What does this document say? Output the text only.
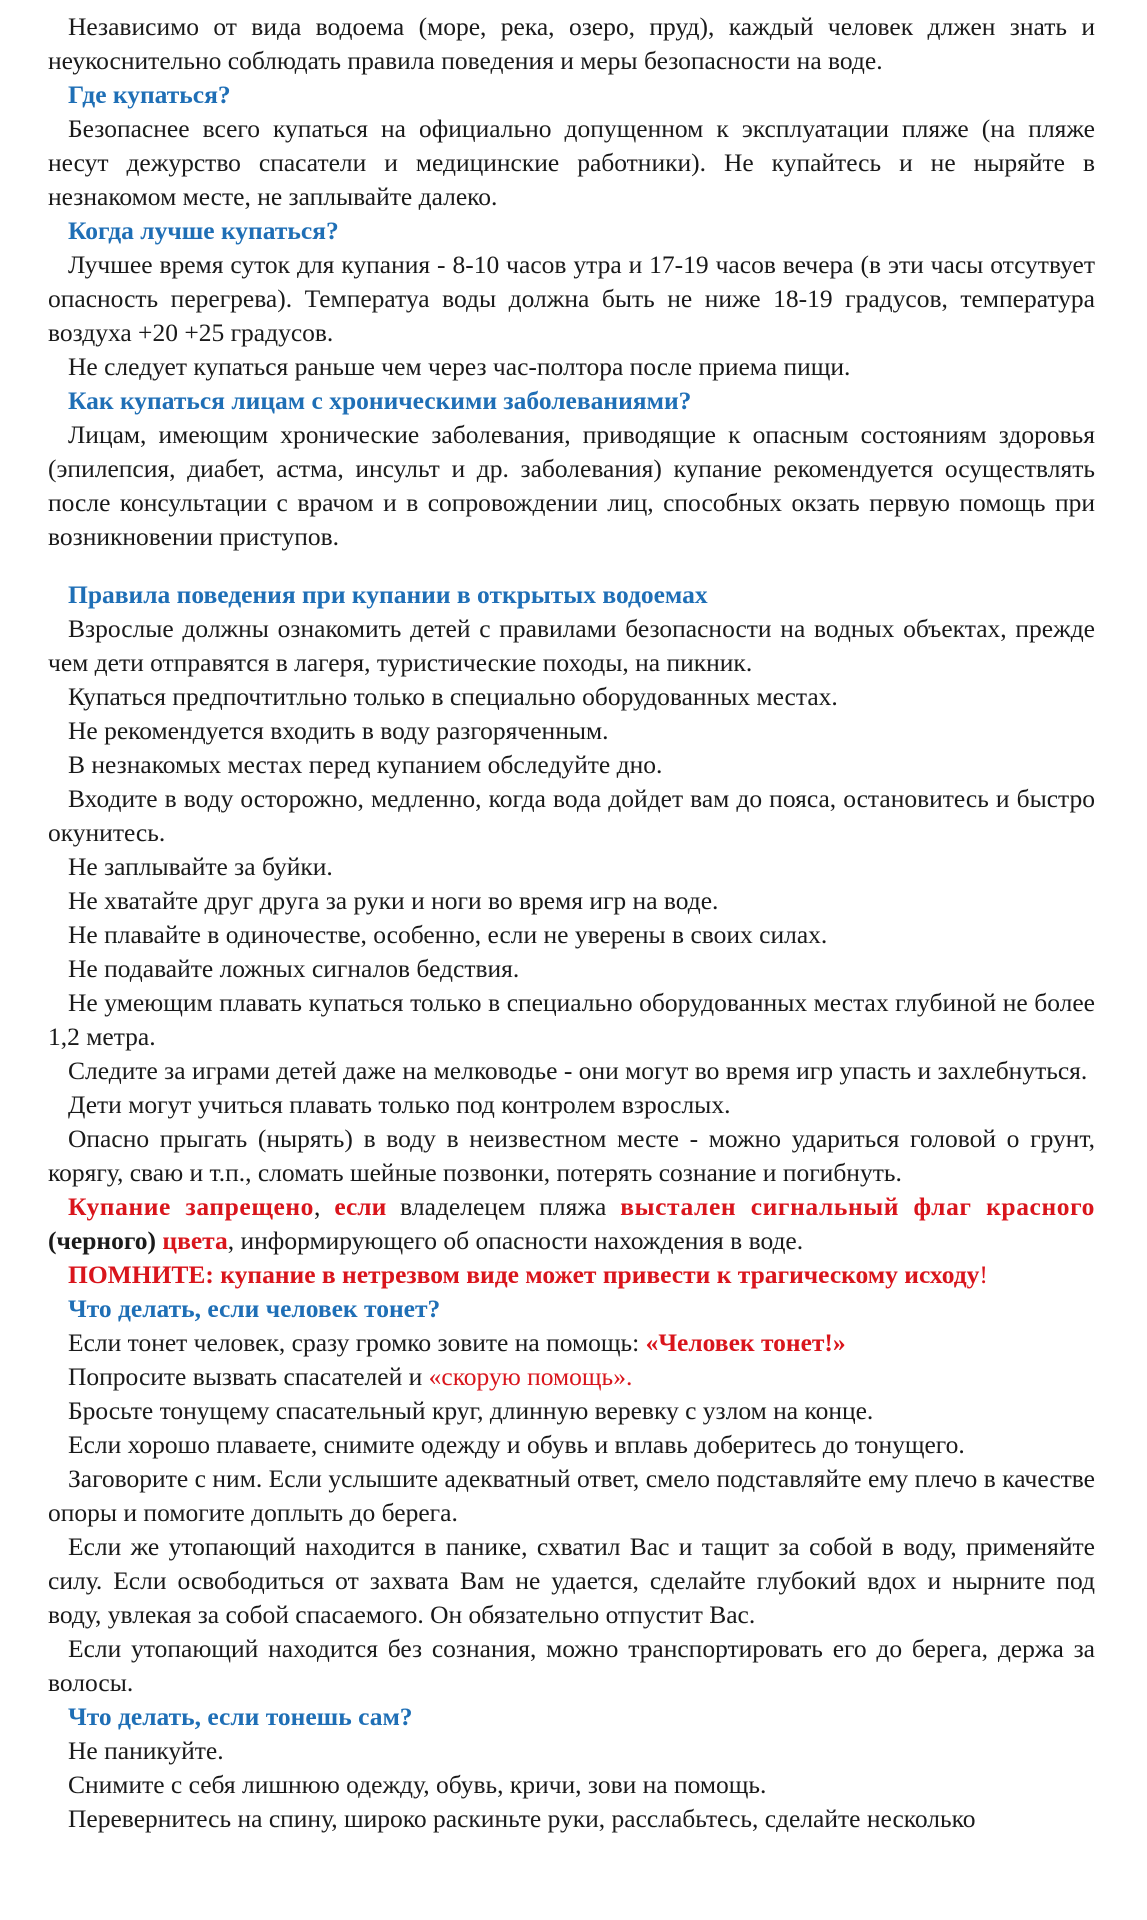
Независимо от вида водоема (море, река, озеро, пруд), каждый человек длжен знать и неукоснительно соблюдать правила поведения и меры безопасности на воде.

Где купаться?

Безопаснее всего купаться на официально допущенном к эксплуатации пляже (на пляже несут дежурство спасатели и медицинские работники). Не купайтесь и не ныряйте в незнакомом месте, не заплывайте далеко.

Когда лучше купаться?

Лучшее время суток для купания - 8-10 часов утра и 17-19 часов вечера (в эти часы отсутвует опасность перегрева). Температуа воды должна быть не ниже 18-19 градусов, температура воздуха +20 +25 градусов.

Не следует купаться раньше чем через час-полтора после приема пищи.

Как купаться лицам с хроническими заболеваниями?

Лицам, имеющим хронические заболевания, приводящие к опасным состояниям здоровья (эпилепсия, диабет, астма, инсульт и др. заболевания) купание рекомендуется осуществлять после консультации с врачом и в сопровождении лиц, способных окзать первую помощь при возникновении приступов.

Правила поведения при купании в открытых водоемах

Взрослые должны ознакомить детей с правилами безопасности на водных объектах, прежде чем дети отправятся в лагеря, туристические походы, на пикник.

Купаться предпочтитльно только в специально оборудованных местах.

Не рекомендуется входить в воду разгоряченным.

В незнакомых местах перед купанием обследуйте дно.

Входите в воду осторожно, медленно, когда вода дойдет вам до пояса, остановитесь и быстро окунитесь.

Не заплывайте за буйки.

Не хватайте друг друга за руки и ноги во время игр на воде.

Не плавайте в одиночестве, особенно, если не уверены в своих силах.

Не подавайте ложных сигналов бедствия.

Не умеющим плавать купаться только в специально оборудованных местах глубиной не более 1,2 метра.

Следите за играми детей даже на мелководье - они могут во время игр упасть и захлебнуться.

Дети могут учиться плавать только под контролем взрослых.

Опасно прыгать (нырять) в воду в неизвестном месте - можно удариться головой о грунт, корягу, сваю и т.п., сломать шейные позвонки, потерять сознание и погибнуть.

Купание запрещено, если владелецем пляжа выстален сигнальный флаг красного (черного) цвета, информирующего об опасности нахождения в воде.

ПОМНИТЕ: купание в нетрезвом виде может привести к трагическому исходу!

Что делать, если человек тонет?

Если тонет человек, сразу громко зовите на помощь: «Человек тонет!»

Попросите вызвать спасателей и «скорую помощь».

Бросьте тонущему спасательный круг, длинную веревку с узлом на конце.

Если хорошо плаваете, снимите одежду и обувь и вплавь доберитесь до тонущего.

Заговорите с ним. Если услышите адекватный ответ, смело подставляйте ему плечо в качестве опоры и помогите доплыть до берега.

Если же утопающий находится в панике, схватил Вас и тащит за собой в воду, применяйте силу. Если освободиться от захвата Вам не удается, сделайте глубокий вдох и нырните под воду, увлекая за собой спасаемого. Он обязательно отпустит Вас.

Если утопающий находится без сознания, можно транспортировать его до берега, держа за волосы.

Что делать, если тонешь сам?

Не паникуйте.

Снимите с себя лишнюю одежду, обувь, кричи, зови на помощь.

Перевернитесь на спину, широко раскиньте руки, расслабьтесь, сделайте несколько
